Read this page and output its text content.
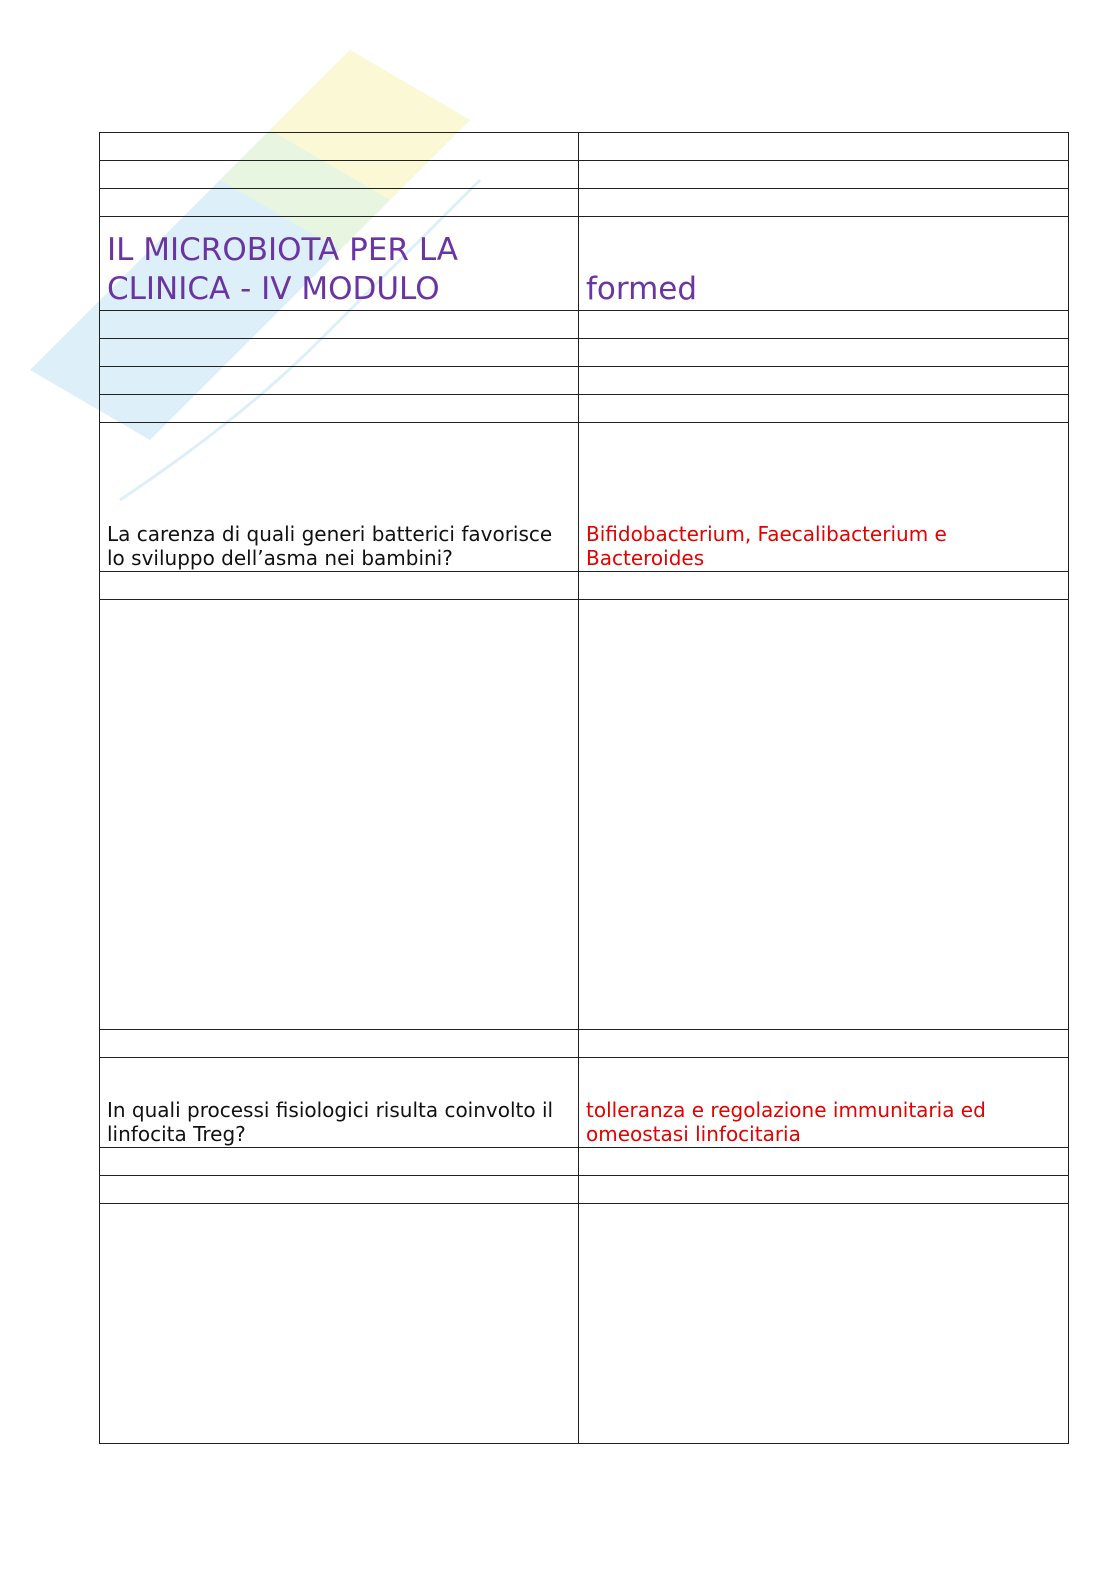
IL MICROBIOTA PER LA CLINICA - IV MODULO	formed

La carenza di quali generi batterici favorisce lo sviluppo dell’asma nei bambini?	Bifidobacterium, Faecalibacterium e Bacteroides

In quali processi fisiologici risulta coinvolto il linfocita Treg?	tolleranza e regolazione immunitaria ed omeostasi linfocitaria
